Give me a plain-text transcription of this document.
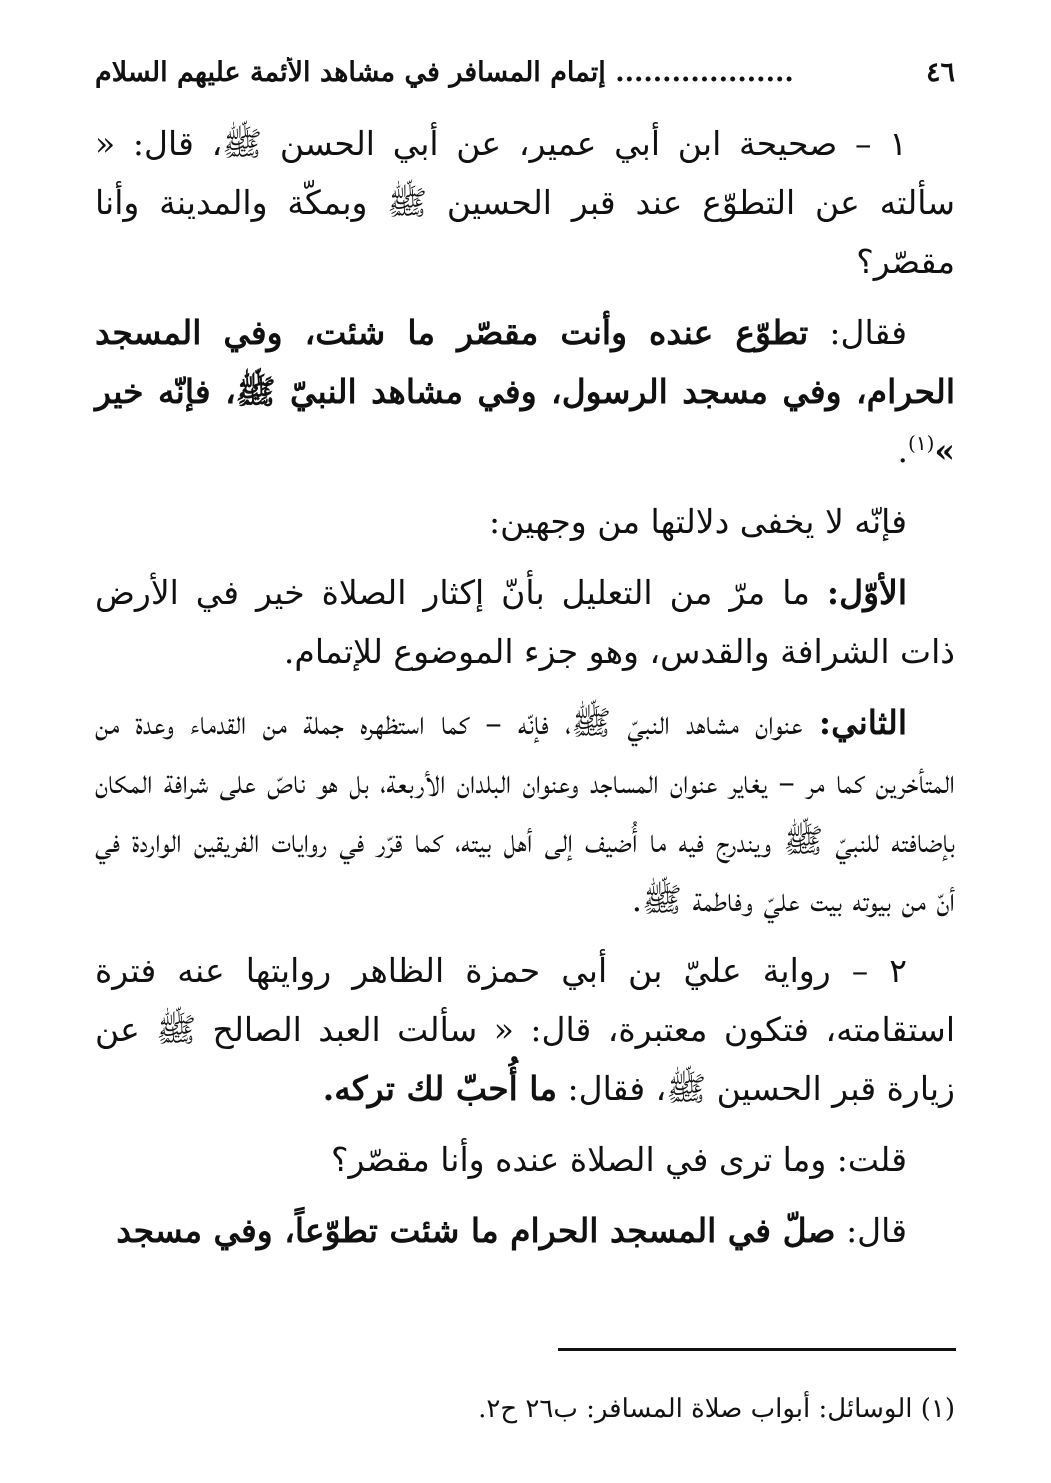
٤٦
................... إتمام المسافر في مشاهد الأئمة عليهم السلام

١ – صحيحة ابن أبي عمير، عن أبي الحسن ﷺ، قال: « سألته عن التطوّع عند قبر الحسين ﷺ وبمكّة والمدينة وأنا مقصّر؟

فقال: تطوّع عنده وأنت مقصّر ما شئت، وفي المسجد الحرام، وفي مسجد الرسول، وفي مشاهد النبيّ ﷺ، فإنّه خير »$^{(١)}$.

فإنّه لا يخفى دلالتها من وجهين:

الأوّل: ما مرّ من التعليل بأنّ إكثار الصلاة خير في الأرض ذات الشرافة والقدس، وهو جزء الموضوع للإتمام.

الثاني: عنوان مشاهد النبيّ ﷺ، فإنّه – كما استظهره جملة من القدماء وعدة من المتأخرين كما مر – يغاير عنوان المساجد وعنوان البلدان الأربعة، بل هو ناصّ على شرافة المكان بإضافته للنبيّ ﷺ ويندرج فيه ما أُضيف إلى أهل بيته، كما قرّر في روايات الفريقين الواردة في أنّ من بيوته بيت عليّ وفاطمة ﷺ.

٢ – رواية عليّ بن أبي حمزة الظاهر روايتها عنه فترة استقامته، فتكون معتبرة، قال: « سألت العبد الصالح ﷺ عن زيارة قبر الحسين ﷺ، فقال: ما أُحبّ لك تركه.

قلت: وما ترى في الصلاة عنده وأنا مقصّر؟

قال: صلّ في المسجد الحرام ما شئت تطوّعاً، وفي مسجد

(١) الوسائل: أبواب صلاة المسافر: ب٢٦ ح٢.
